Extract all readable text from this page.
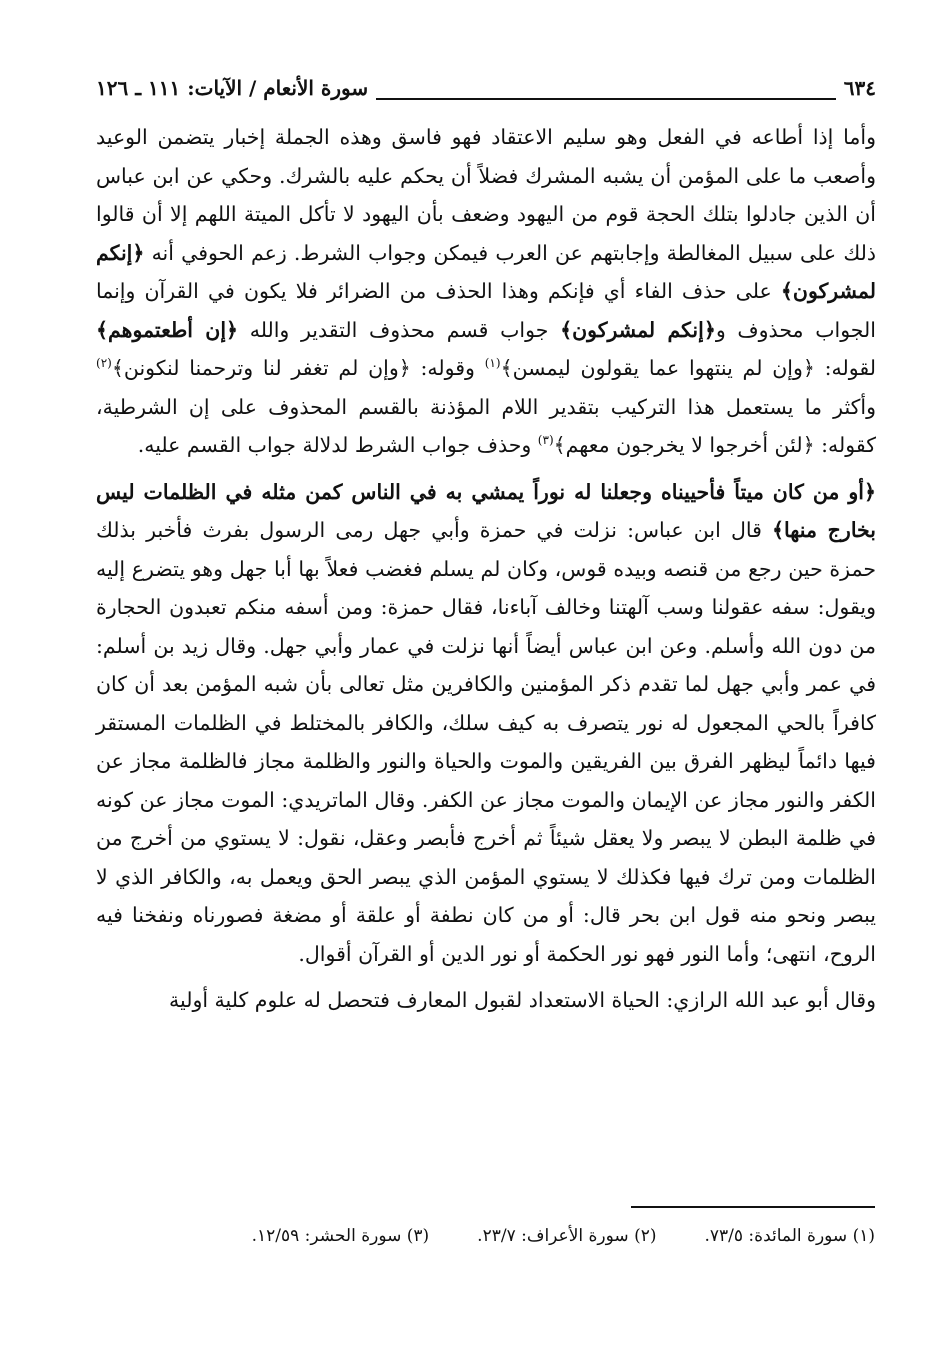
٦٣٤
سورة الأنعام / الآيات: ١١١ ـ ١٢٦

وأما إذا أطاعه في الفعل وهو سليم الاعتقاد فهو فاسق وهذه الجملة إخبار يتضمن الوعيد وأصعب ما على المؤمن أن يشبه المشرك فضلاً أن يحكم عليه بالشرك. وحكي عن ابن عباس أن الذين جادلوا بتلك الحجة قوم من اليهود وضعف بأن اليهود لا تأكل الميتة اللهم إلا أن قالوا ذلك على سبيل المغالطة وإجابتهم عن العرب فيمكن وجواب الشرط. زعم الحوفي أنه ﴿إنكم لمشركون﴾ على حذف الفاء أي فإنكم وهذا الحذف من الضرائر فلا يكون في القرآن وإنما الجواب محذوف و﴿إنكم لمشركون﴾ جواب قسم محذوف التقدير والله ﴿إن أطعتموهم﴾ لقوله: ﴿وإن لم ينتهوا عما يقولون ليمسن﴾$^{(١)}$ وقوله: ﴿وإن لم تغفر لنا وترحمنا لنكونن﴾$^{(٢)}$ وأكثر ما يستعمل هذا التركيب بتقدير اللام المؤذنة بالقسم المحذوف على إن الشرطية، كقوله: ﴿لئن أخرجوا لا يخرجون معهم﴾$^{(٣)}$ وحذف جواب الشرط لدلالة جواب القسم عليه.

﴿أو من كان ميتاً فأحييناه وجعلنا له نوراً يمشي به في الناس كمن مثله في الظلمات ليس بخارج منها﴾ قال ابن عباس: نزلت في حمزة وأبي جهل رمى الرسول بفرث فأخبر بذلك حمزة حين رجع من قنصه وبيده قوس، وكان لم يسلم فغضب فعلاً بها أبا جهل وهو يتضرع إليه ويقول: سفه عقولنا وسب آلهتنا وخالف آباءنا، فقال حمزة: ومن أسفه منكم تعبدون الحجارة من دون الله وأسلم. وعن ابن عباس أيضاً أنها نزلت في عمار وأبي جهل. وقال زيد بن أسلم: في عمر وأبي جهل لما تقدم ذكر المؤمنين والكافرين مثل تعالى بأن شبه المؤمن بعد أن كان كافراً بالحي المجعول له نور يتصرف به كيف سلك، والكافر بالمختلط في الظلمات المستقر فيها دائماً ليظهر الفرق بين الفريقين والموت والحياة والنور والظلمة مجاز فالظلمة مجاز عن الكفر والنور مجاز عن الإيمان والموت مجاز عن الكفر. وقال الماتريدي: الموت مجاز عن كونه في ظلمة البطن لا يبصر ولا يعقل شيئاً ثم أخرج فأبصر وعقل، نقول: لا يستوي من أخرج من الظلمات ومن ترك فيها فكذلك لا يستوي المؤمن الذي يبصر الحق ويعمل به، والكافر الذي لا يبصر ونحو منه قول ابن بحر قال: أو من كان نطفة أو علقة أو مضغة فصورناه ونفخنا فيه الروح، انتهى؛ وأما النور فهو نور الحكمة أو نور الدين أو القرآن أقوال.

وقال أبو عبد الله الرازي: الحياة الاستعداد لقبول المعارف فتحصل له علوم كلية أولية

(١) سورة المائدة: ٧٣/٥.
(٢) سورة الأعراف: ٢٣/٧.
(٣) سورة الحشر: ١٢/٥٩.
